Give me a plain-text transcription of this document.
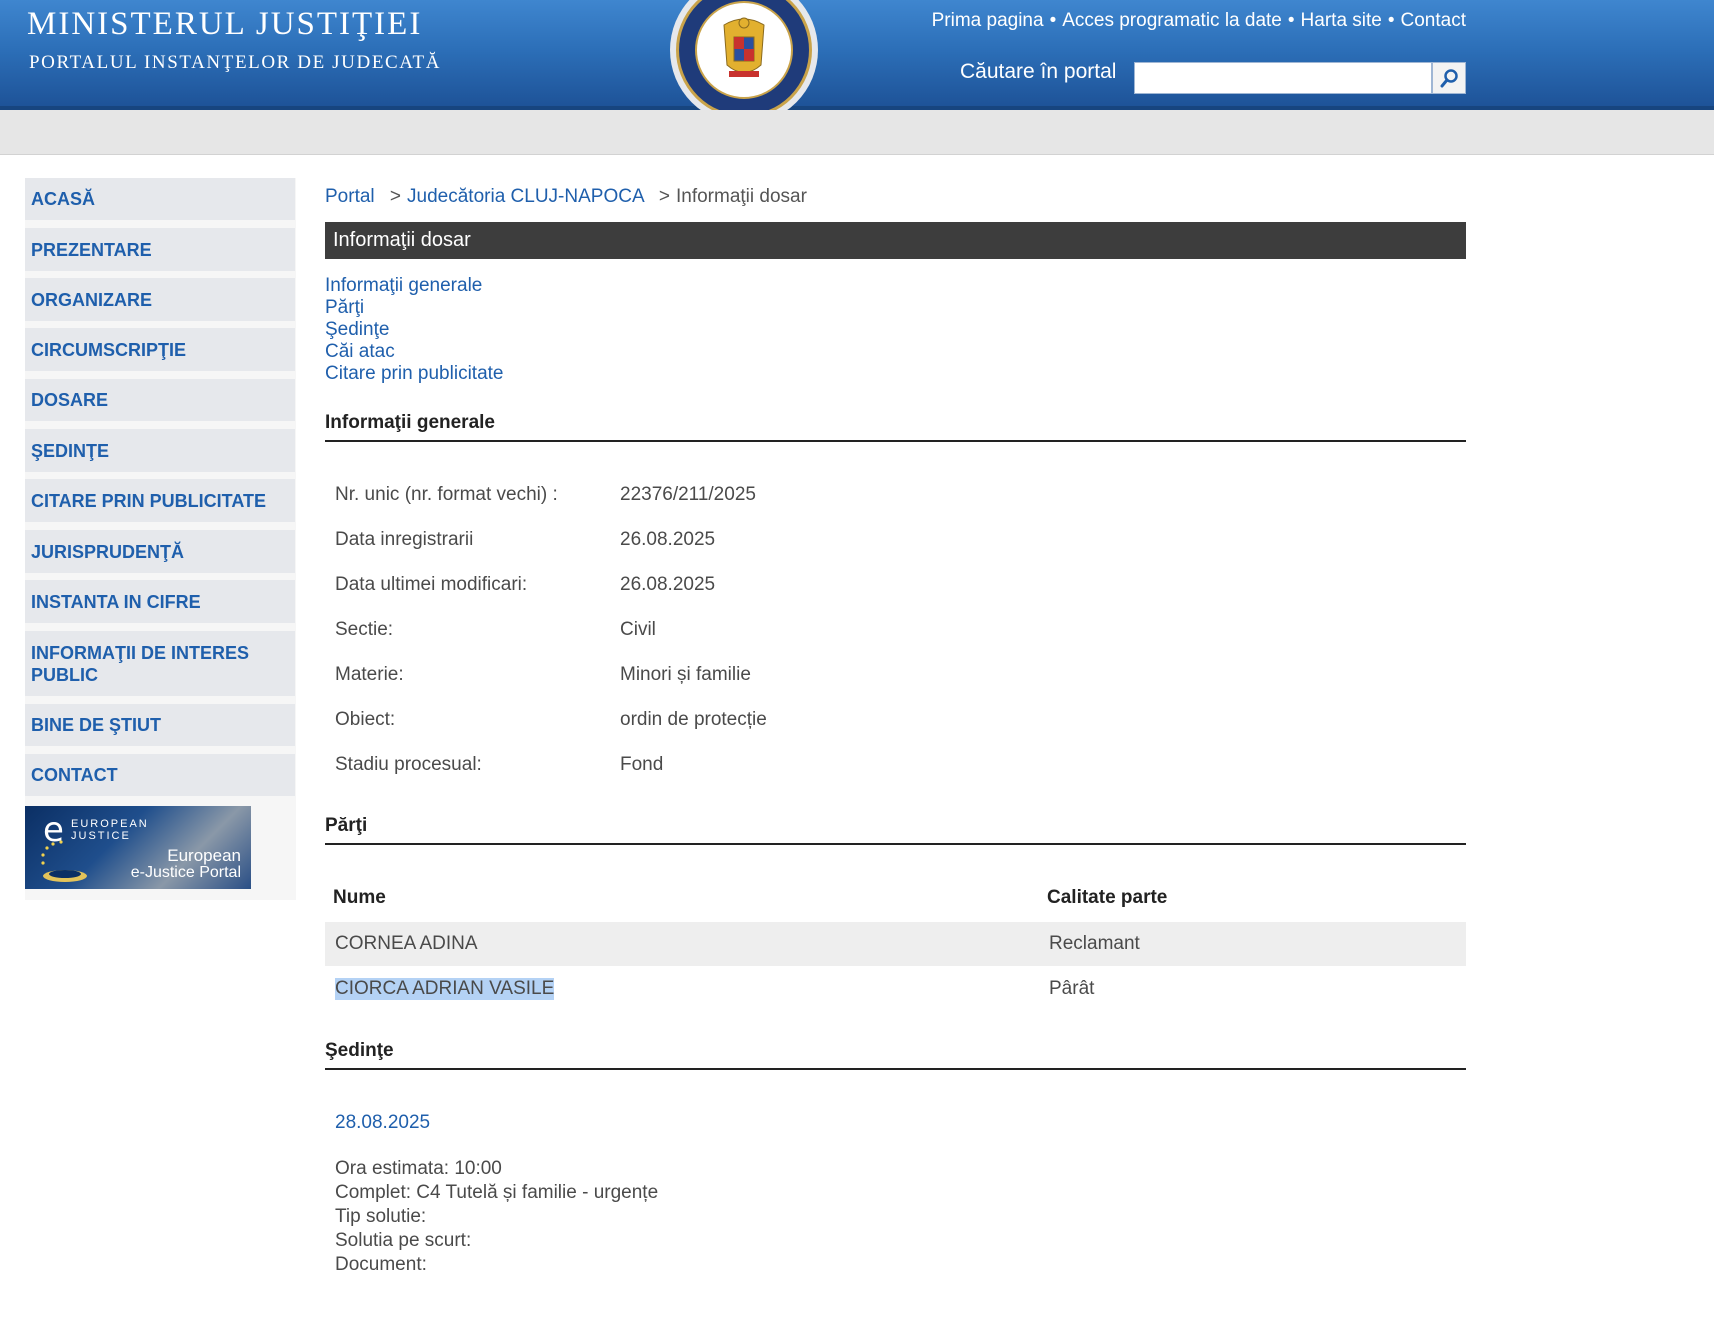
MINISTERUL JUSTIŢIEI
PORTALUL INSTANŢELOR DE JUDECATĂ
Prima pagina • Acces programatic la date • Harta site • Contact
Căutare în portal
ACASĂ
PREZENTARE
ORGANIZARE
CIRCUMSCRIPŢIE
DOSARE
ŞEDINŢE
CITARE PRIN PUBLICITATE
JURISPRUDENŢĂ
INSTANTA IN CIFRE
INFORMAŢII DE INTERES PUBLIC
BINE DE ŞTIUT
CONTACT
e EUROPEAN
JUSTICE
European
e-Justice Portal
Portal > Judecătoria CLUJ-NAPOCA > Informaţii dosar
Informaţii dosar
Informaţii generale
Părţi
Şedinţe
Căi atac
Citare prin publicitate
Informaţii generale
Nr. unic (nr. format vechi) :	22376/211/2025
Data inregistrarii	26.08.2025
Data ultimei modificari:	26.08.2025
Sectie:	Civil
Materie:	Minori și familie
Obiect:	ordin de protecție
Stadiu procesual:	Fond
Părţi
Nume	Calitate parte
CORNEA ADINA	Reclamant
CIORCA ADRIAN VASILE	Pârât
Şedinţe
28.08.2025
Ora estimata: 10:00
Complet: C4 Tutelă și familie - urgențe
Tip solutie:
Solutia pe scurt:
Document:
